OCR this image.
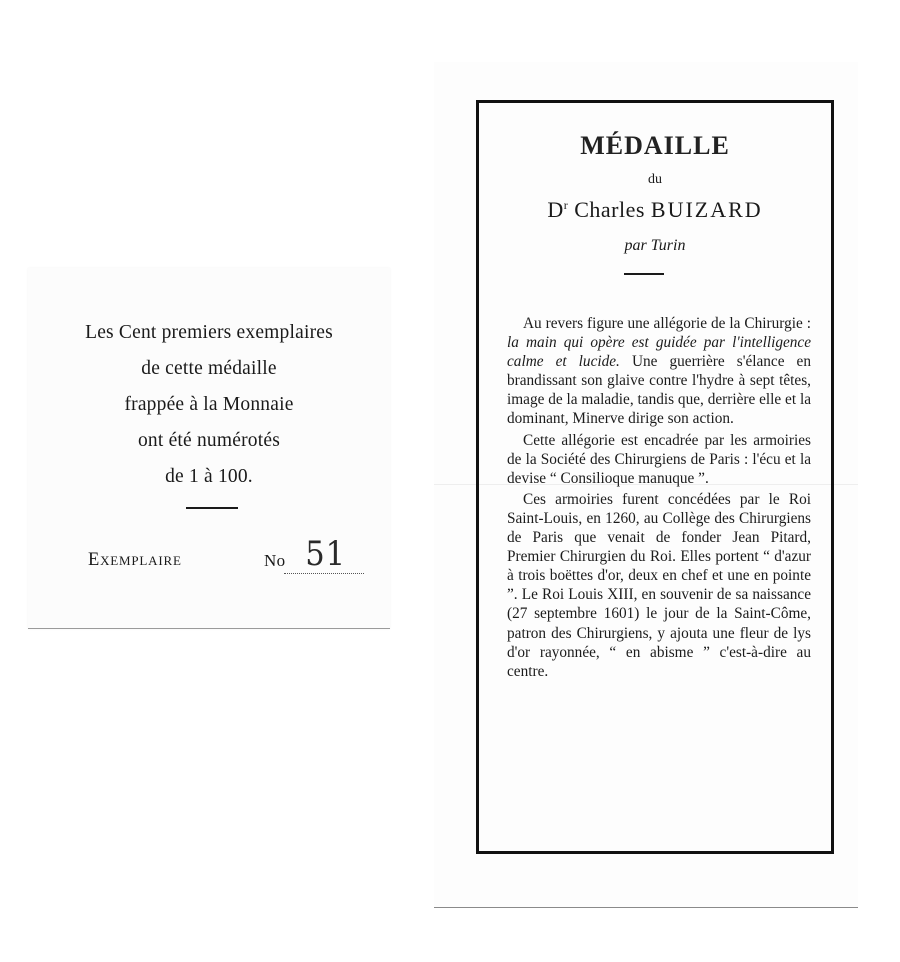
Les Cent premiers exemplaires
de cette médaille
frappée à la Monnaie
ont été numérotés
de 1 à 100.
Exemplaire	No 51
MÉDAILLE
du
$D^r$ Charles BUIZARD
par Turin

Au revers figure une allégorie de la Chirurgie : la main qui opère est guidée par l'intelligence calme et lucide. Une guerrière s'élance en brandissant son glaive contre l'hydre à sept têtes, image de la maladie, tandis que, derrière elle et la dominant, Minerve dirige son action.

Cette allégorie est encadrée par les armoiries de la Société des Chirurgiens de Paris : l'écu et la devise “ Consilioque manuque ”.

Ces armoiries furent concédées par le Roi Saint-Louis, en 1260, au Collège des Chirurgiens de Paris que venait de fonder Jean Pitard, Premier Chirurgien du Roi. Elles portent “ d'azur à trois boëttes d'or, deux en chef et une en pointe ”. Le Roi Louis XIII, en souvenir de sa naissance (27 septembre 1601) le jour de la Saint-Côme, patron des Chirurgiens, y ajouta une fleur de lys d'or rayonnée, “ en abisme ” c'est-à-dire au centre.
